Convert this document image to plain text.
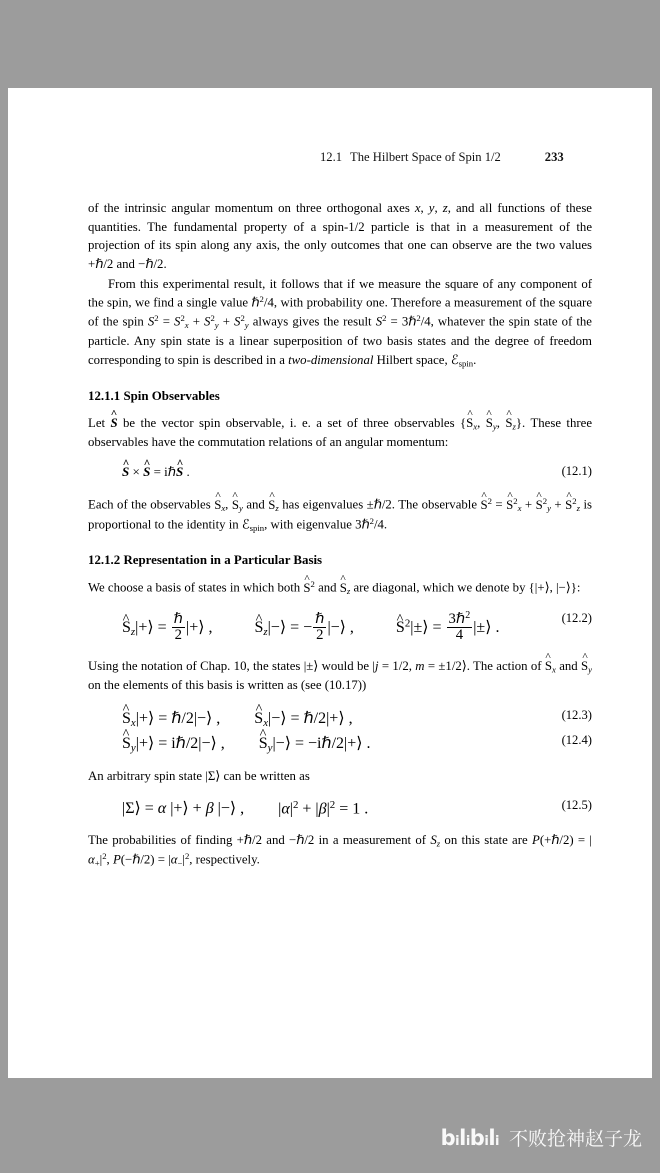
12.1 The Hilbert Space of Spin 1/2	233

of the intrinsic angular momentum on three orthogonal axes x, y, z, and all functions of these quantities. The fundamental property of a spin-1/2 particle is that in a measurement of the projection of its spin along any axis, the only outcomes that one can observe are the two values +ℏ/2 and −ℏ/2.

From this experimental result, it follows that if we measure the square of any component of the spin, we find a single value ℏ$^2$/4, with probability one. Therefore a measurement of the square of the spin $S^2 = S^2_x + S^2_y + S^2_y$ always gives the result $S^2$ = 3ℏ$^2$/4, whatever the spin state of the particle. Any spin state is a linear superposition of two basis states and the degree of freedom corresponding to spin is described in a two-dimensional Hilbert space, ℰ$_{spin}$.

12.1.1 Spin Observables

Let ^ S be the vector spin observable, i. e. a set of three observables {^ $S_x$, ^ $S_y$, ^ $S_z$}. These three observables have the commutation relations of an angular momentum:

^ S × ^ S = iℏ^ S .	(12.1)

Each of the observables ^ $S_x$, ^ $S_y$ and ^ $S_z$ has eigenvalues ±ℏ/2. The observable ^ $S^2$ = ^ $S^2_x$ + ^ $S^2_y$ + ^ $S^2_z$ is proportional to the identity in ℰ$_{spin}$, with eigenvalue 3ℏ$^2$/4.

12.1.2 Representation in a Particular Basis

We choose a basis of states in which both ^ $S^2$ and ^ $S_z$ are diagonal, which we denote by {|+⟩, |−⟩}:

^ $S_z|+⟩ = \frac{\text{ℏ}}{2}$ |+⟩ ,	^ $S_z|-⟩$ = − $\frac{\text{ℏ}}{2}$ |−⟩ ,	^ $S^2|\pm⟩ = \frac{3\hbar^2}{4}$ |±⟩ .
(12.2)

Using the notation of Chap. 10, the states |±⟩ would be |j = 1/2, m = ±1/2⟩. The action of ^ $S_x$ and ^ $S_y$ on the elements of this basis is written as (see (10.17))

^ $S_x|+⟩$ = ℏ/2|−⟩ , ^ $S_x|-⟩$ = ℏ/2|+⟩ ,	(12.3)
^ $S_y|+⟩$ = iℏ/2|−⟩ , ^ $S_y|-⟩$ = −iℏ/2|+⟩ .	(12.4)

An arbitrary spin state |Σ⟩ can be written as

|Σ⟩ = α |+⟩ + β |−⟩ , $|\alpha|^2 + |\beta|^2 = 1$ .	(12.5)

The probabilities of finding +ℏ/2 and −ℏ/2 in a measurement of $S_z$ on this state are P(+ℏ/2) = $|\alpha_+|^2$, P(−ℏ/2) = $|\alpha_-|^2$, respectively.

bilibili 不败抢神赵子龙
